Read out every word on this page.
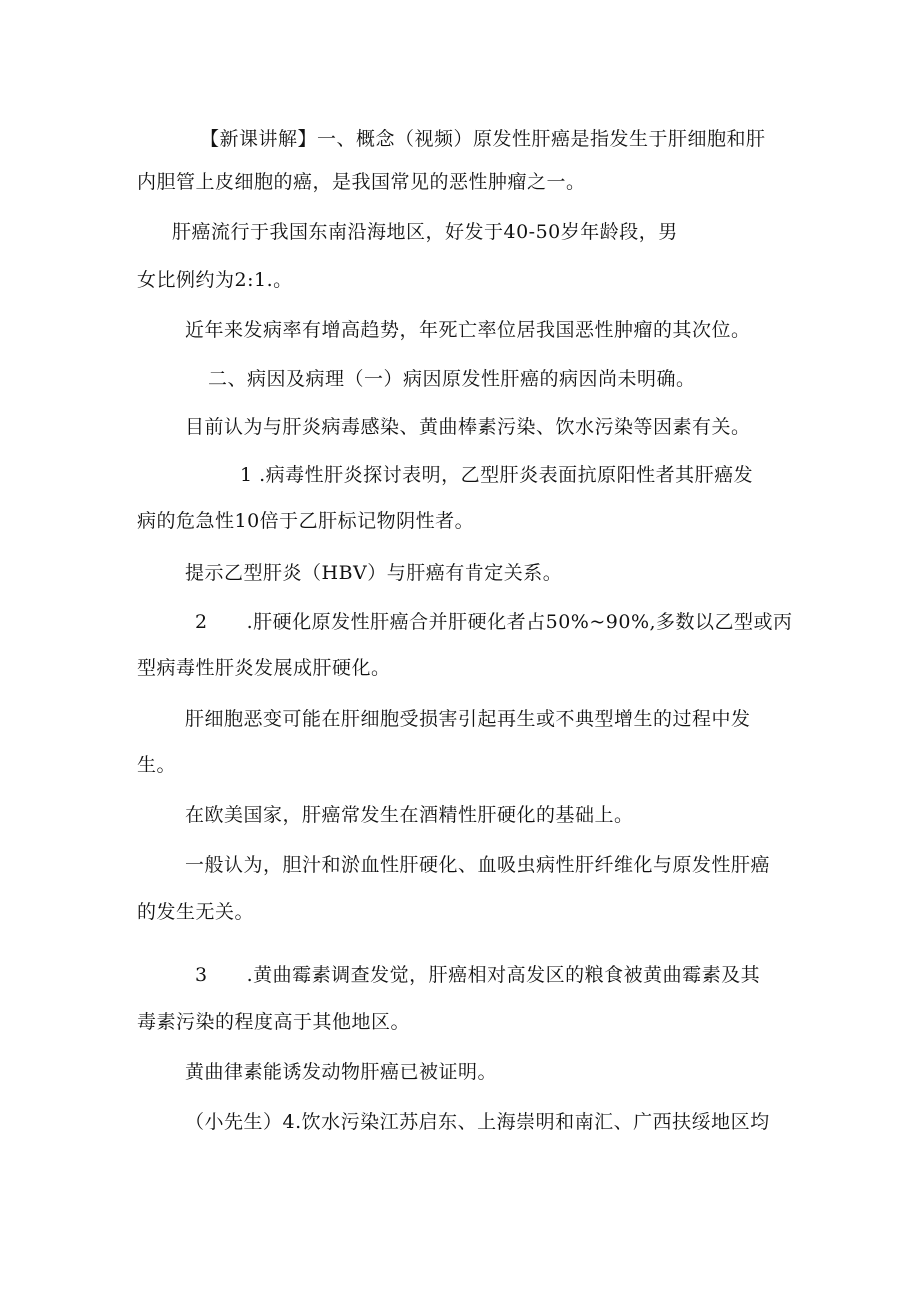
【新课讲解】一、概念（视频）原发性肝癌是指发生于肝细胞和肝
内胆管上皮细胞的癌，是我国常见的恶性肿瘤之一。
肝癌流行于我国东南沿海地区，好发于40-50岁年龄段，男
女比例约为2:1.。
近年来发病率有增高趋势，年死亡率位居我国恶性肿瘤的其次位。
二、病因及病理（一）病因原发性肝癌的病因尚未明确。
目前认为与肝炎病毒感染、黄曲棒素污染、饮水污染等因素有关。
1 .病毒性肝炎探讨表明，乙型肝炎表面抗原阳性者其肝癌发
病的危急性10倍于乙肝标记物阴性者。
提示乙型肝炎（HBV）与肝癌有肯定关系。
2　　.肝硬化原发性肝癌合并肝硬化者占50%~90%,多数以乙型或丙
型病毒性肝炎发展成肝硬化。
肝细胞恶变可能在肝细胞受损害引起再生或不典型增生的过程中发
生。
在欧美国家，肝癌常发生在酒精性肝硬化的基础上。
一般认为，胆汁和淤血性肝硬化、血吸虫病性肝纤维化与原发性肝癌
的发生无关。
3　　.黄曲霉素调查发觉，肝癌相对高发区的粮食被黄曲霉素及其
毒素污染的程度高于其他地区。
黄曲律素能诱发动物肝癌已被证明。
（小先生）4.饮水污染江苏启东、上海崇明和南汇、广西扶绥地区均
